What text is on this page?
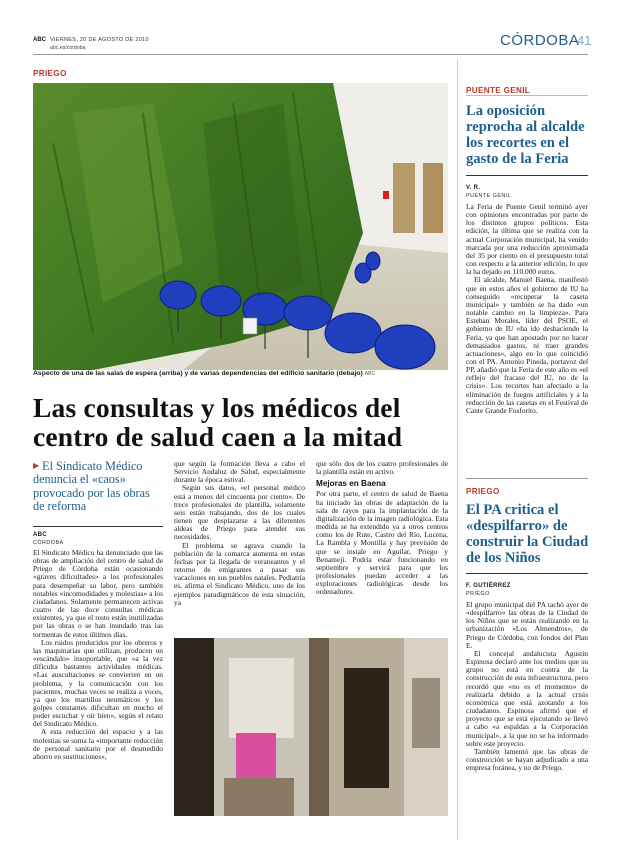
ABC VIERNES, 20 DE AGOSTO DE 2010
abc.es/cordoba	CÓRDOBA
41
PRIEGO
Aspecto de una de las salas de espera (arriba) y de varias dependencias del edificio sanitario (debajo) ABC
Las consultas y los médicos del
centro de salud caen a la mitad
▶ El Sindicato Médico denuncia el «caos» provocado por las obras de reforma
ABC
CÓRDOBA

El Sindicato Médico ha denunciado que las obras de ampliación del centro de salud de Priego de Córdoba están ocasionando «graves dificultades» a los profesionales para desempeñar su labor, pero también notables «incomodidades y molestias» a los ciudadanos. Solamente permanecen activas cuatro de las doce consultas médicas existentes, ya que el resto están inutilizadas por las obras o se han inundado tras las tormentas de estos últimos días.

Los ruidos producidos por los obreros y las maquinarias que utilizan, producen un «escándalo» insoportable, que «a la vez dificulta bastantes actividades médicas. «Las auscultaciones se convierten en un problema, y la comunicación con los pacientes, muchas veces se realiza a voces, ya que los martillos neumáticos y los golpes constantes dificultan en mucho el poder escuchar y oír bien», según el relato del Sindicato Médico.

A esta reducción del espacio y a las molestias se suma la «importante reducción de personal sanitario por el desmedido ahorro en sustituciones»,

que según la formación lleva a cabo el Servicio Andaluz de Salud, especialmente durante la época estival.

Según sus datos, «el personal médico está a menos del cincuenta por ciento». De trece profesionales de plantilla, solamente seis están trabajando, dos de los cuales tienen que desplazarse a las diferentes aldeas de Priego para atender sus necesidades.

El problema se agrava cuando la población de la comarca aumenta en estas fechas por la llegada de veraneantes y el retorno de emigrantes a pasar sus vacaciones en sus pueblos natales. Pediatría es, afirma el Sindicato Médico, uno de los ejemplos paradigmáticos de esta situación, ya

que sólo dos de los cuatro profesionales de la plantilla están en activo.

Mejoras en Baena

Por otra parte, el centro de salud de Baena ha iniciado las obras de adaptación de la sala de rayos para la implantación de la digitalización de la imagen radiológica. Esta medida se ha extendido ya a otros centros como los de Rute, Castro del Río, Lucena, La Rambla y Montilla y hay previsión de que se instale en Aguilar, Priego y Benamejí. Podría estar funcionando en septiembre y servirá para que los profesionales puedan acceder a las exploraciones radiológicas desde los ordenadores.

PUENTE GENIL
La oposición reprocha al alcalde los recortes en el gasto de la Feria
V. R.
PUENTE GENIL

La Feria de Puente Genil terminó ayer con opiniones encontradas por parte de los distintos grupos políticos. Esta edición, la última que se realiza con la actual Corporación municipal, ha venido marcada por una reducción aproximada del 35 por ciento en el presupuesto total con respecto a la anterior edición, lo que la ha dejado en 110.000 euros.

El alcalde, Manuel Baena, manifestó que en estos años el gobierno de IU ha conseguido «recuperar la caseta municipal» y también se ha dado «un notable cambio en la limpieza». Para Esteban Morales, líder del PSOE, el gobierno de IU «ha ido deshaciendo la Feria, ya que han apostado por no hacer demasiados gastos, ni traer grandes actuaciones», algo en lo que coincidió con el PA. Antonio Pineda, portavoz del PP, añadió que la Feria de este año es «el reflejo del fracaso del IU, no de la crisis». Los recortes han afectado a la eliminación de fuegos artificiales y a la reducción de las casetas en el Festival de Cante Grande Fosforito.

PRIEGO
El PA critica el «despilfarro» de construir la Ciudad de los Niños
F. GUTIÉRREZ
PRIEGO

El grupo municipal del PA tachó ayer de «despilfarro» las obras de la Ciudad de los Niños que se están realizando en la urbanización «Los Almendros», de Priego de Córdoba, con fondos del Plan E.

El concejal andalucista Agustín Espinosa declaró ante los medios que su grupo no está en contra de la construcción de esta infraestructura, pero recordó que «no es el momento» de realizarla debido a la actual crisis económica que está azotando a los ciudadanos. Espinosa afirmó que el proyecto que se está ejecutando se llevó a cabo «a espaldas a la Corporación municipal», a la que no se ha informado sobre este proyecto.

También lamentó que las obras de construcción se hayan adjudicado a una empresa foránea, y no de Priego.
